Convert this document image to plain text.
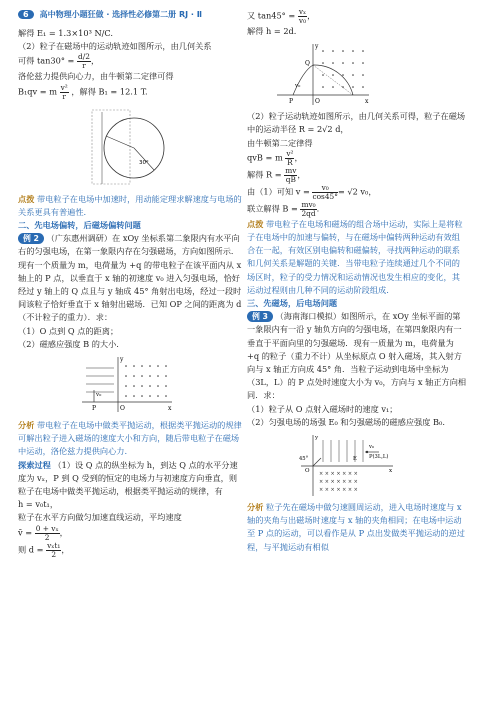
6	高中物理小题狂做 · 选择性必修第二册 RJ · Ⅱ

解得 E₁ = 1.3×10³ N/C.

（2）粒子在磁场中的运动轨迹如图所示，由几何关系

可得 $\tan 30^\circ = \frac{d/2}{r}$ ，

洛伦兹力提供向心力，由牛顿第二定律可得

B₁qv = m $\frac{\text{v²}}{r}$ ，解得 B₁ = 12.1 T.

30°

点拨 带电粒子在电场中加速时，用动能定理求解速度与电场的关系更具有普遍性.

二、先电场偏转，后磁场偏转问题

例 2 （广东惠州调研）在 xOy 坐标系第二象限内有水平向右的匀强电场，在第一象限内存在匀强磁场，方向如图所示．现有一个质量为 m，电荷量为 +q 的带电粒子在该平面内从 x 轴上的 P 点，以垂直于 x 轴的初速度 v₀ 进入匀强电场，恰好经过 y 轴上的 Q 点且与 y 轴成 45° 角射出电场，经过一段时间该粒子恰好垂直于 x 轴射出磁场．已知 OP 之间的距离为 d（不计粒子的重力）．求：

（1）O 点到 Q 点的距离；

（2）磁感应强度 B 的大小.

v₀
P	O	x
y

分析 带电粒子在电场中做类平抛运动，根据类平抛运动的规律可解出粒子进入磁场的速度大小和方向，随后带电粒子在磁场中运动，洛伦兹力提供向心力.

探索过程 （1）设 Q 点的纵坐标为 h，到达 Q 点的水平分速度为 vₓ，P 到 Q 受到的恒定的电场力与初速度方向垂直，则粒子在电场中做类平抛运动，根据类平抛运动的规律，有

h = v₀t₁，

粒子在水平方向做匀加速直线运动，平均速度

v̄ = $\frac{\text{0 + vₓ}}{2}$ ，

则 $d = \frac{\text{vₓt₁}}{2}$ ，

又 $\tan 45^\circ = \frac{\text{vₓ}}{\text{v₀}}$ ，

解得 h = 2d.

P	O
Q
v₀
x
y

（2）粒子运动轨迹如图所示，由几何关系可得，粒子在磁场中的运动半径 R = 2√2 d，

由牛顿第二定律得

qvB = m $\frac{\text{v²}}{R}$ ，

解得 $R = \frac{mv}{qB}$ ，

由（1）可知 $v = \frac{\text{v₀}}{\cos 45^\circ} = √2$ v₀，

联立解得 $B = \frac{\text{mv₀}}{2qd}$ .

点拨 带电粒子在电场和磁场的组合场中运动，实际上是将粒子在电场中的加速与偏转，与在磁场中偏转两种运动有效组合在一起，有效区别电偏转和磁偏转，寻找两种运动的联系和几何关系是解题的关键．当带电粒子连续通过几个不同的场区时，粒子的受力情况和运动情况也发生相应的变化，其运动过程则由几种不同的运动阶段组成.

三、先磁场，后电场问题

例 3 （海南海口模拟）如图所示，在 xOy 坐标平面的第一象限内有一沿 y 轴负方向的匀强电场，在第四象限内有一垂直于平面向里的匀强磁场．现有一质量为 m，电荷量为 +q 的粒子（重力不计）从坐标原点 O 射入磁场，其入射方向与 x 轴正方向成 45° 角．当粒子运动到电场中坐标为（3L，L）的 P 点处时速度大小为 v₀，方向与 x 轴正方向相同．求：

（1）粒子从 O 点射入磁场时的速度 v₁；

（2）匀强电场的场强 E₀ 和匀强磁场的磁感应强度 B₀.

× × × × × × ×
× × × × × × ×
× × × × × × ×
v₀
P(3L,L)
45°	E
O	x
y

分析 粒子先在磁场中做匀速圆周运动，进入电场时速度与 x 轴的夹角与出磁场时速度与 x 轴的夹角相同；在电场中运动至 P 点的运动，可以看作是从 P 点出发做类平抛运动的逆过程，与平抛运动有相似
